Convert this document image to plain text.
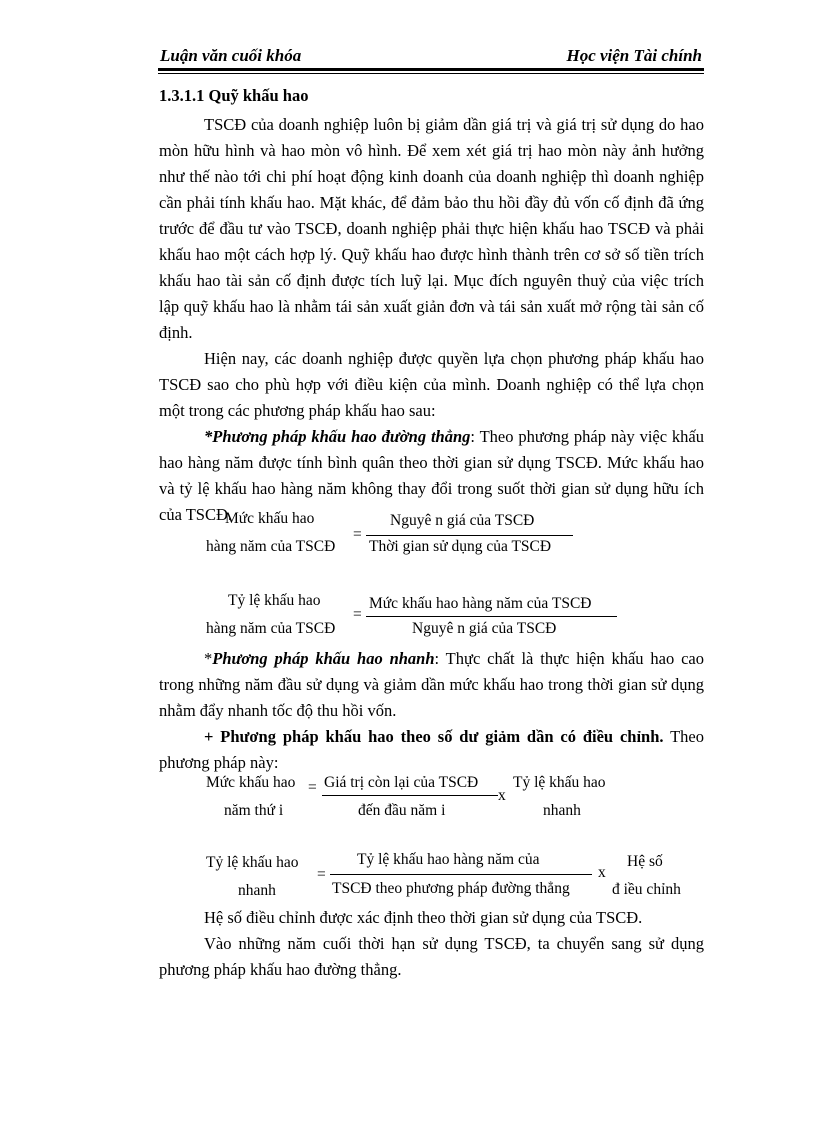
Luận văn cuối khóa	Học viện Tài chính
1.3.1.1 Quỹ khấu hao

TSCĐ của doanh nghiệp luôn bị giảm dần giá trị và giá trị sử dụng do hao mòn hữu hình và hao mòn vô hình. Để xem xét giá trị hao mòn này ảnh hưởng như thế nào tới chi phí hoạt động kinh doanh của doanh nghiệp thì doanh nghiệp cần phải tính khấu hao. Mặt khác, để đảm bảo thu hồi đầy đủ vốn cố định đã ứng trước để đầu tư vào TSCĐ, doanh nghiệp phải thực hiện khấu hao TSCĐ và phải khấu hao một cách hợp lý. Quỹ khấu hao được hình thành trên cơ sở số tiền trích khấu hao tài sản cố định được tích luỹ lại. Mục đích nguyên thuỷ của việc trích lập quỹ khấu hao là nhằm tái sản xuất giản đơn và tái sản xuất mở rộng tài sản cố định.

Hiện nay, các doanh nghiệp được quyền lựa chọn phương pháp khấu hao TSCĐ sao cho phù hợp với điều kiện của mình. Doanh nghiệp có thể lựa chọn một trong các phương pháp khấu hao sau:

*Phương pháp khấu hao đường thẳng: Theo phương pháp này việc khấu hao hàng năm được tính bình quân theo thời gian sử dụng TSCĐ. Mức khấu hao và tỷ lệ khấu hao hàng năm không thay đổi trong suốt thời gian sử dụng hữu ích của TSCĐ.

Mức khấu hao
hàng năm của TSCĐ
=
Nguyê n giá của TSCĐ
Thời gian sử dụng của TSCĐ
Tỷ lệ khấu hao
hàng năm của TSCĐ
=
Mức khấu hao hàng năm của TSCĐ
Nguyê n giá của TSCĐ

*Phương pháp khấu hao nhanh: Thực chất là thực hiện khấu hao cao trong những năm đầu sử dụng và giảm dần mức khấu hao trong thời gian sử dụng nhằm đẩy nhanh tốc độ thu hồi vốn.

+ Phương pháp khấu hao theo số dư giảm dần có điều chỉnh. Theo phương pháp này:

Mức khấu hao
năm thứ i
= Giá trị còn lại của TSCĐ
đến đầu năm i
x
Tỷ lệ khấu hao
nhanh
Tỷ lệ khấu hao
nhanh
=
Tỷ lệ khấu hao hàng năm của
TSCĐ theo phương pháp đường thẳng
x
Hệ số
đ iều chỉnh

Hệ số điều chỉnh được xác định theo thời gian sử dụng của TSCĐ.

Vào những năm cuối thời hạn sử dụng TSCĐ, ta chuyển sang sử dụng phương pháp khấu hao đường thẳng.
